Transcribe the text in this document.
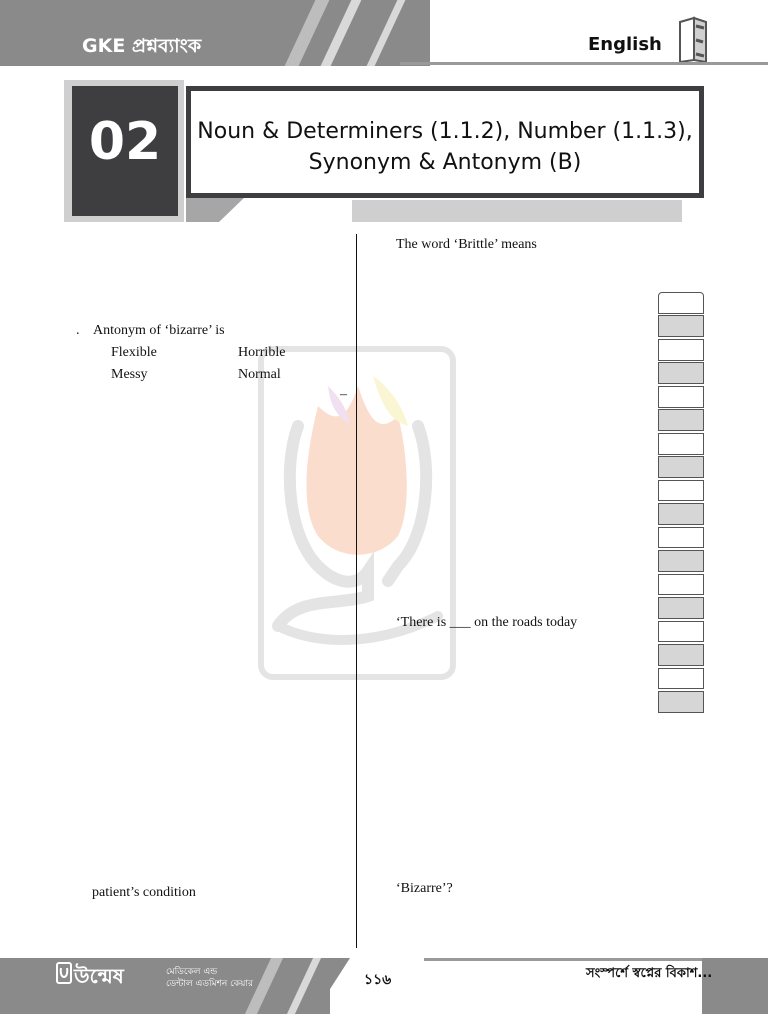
GKE প্রশ্নব্যাংক	English
02	Noun & Determiners (1.1.2), Number (1.1.3),
Synonym & Antonym (B)
. Antonym of ‘bizarre’ is
Flexible	Horrible
Messy	Normal
patient’s condition
The word ‘Brittle’ means
–
‘There is ___ on the roads today
‘Bizarre’?
উন্মেষ	মেডিকেল এন্ড
ডেন্টাল এডমিশন কেয়ার	১১৬	সংস্পর্শে স্বপ্নের বিকাশ...
